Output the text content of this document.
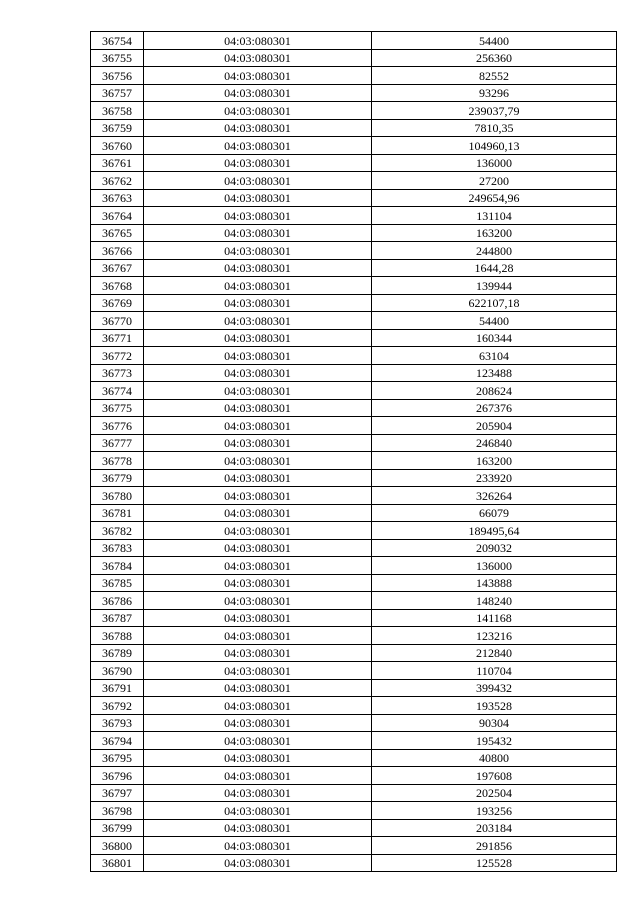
36754	04:03:080301	54400
36755	04:03:080301	256360
36756	04:03:080301	82552
36757	04:03:080301	93296
36758	04:03:080301	239037,79
36759	04:03:080301	7810,35
36760	04:03:080301	104960,13
36761	04:03:080301	136000
36762	04:03:080301	27200
36763	04:03:080301	249654,96
36764	04:03:080301	131104
36765	04:03:080301	163200
36766	04:03:080301	244800
36767	04:03:080301	1644,28
36768	04:03:080301	139944
36769	04:03:080301	622107,18
36770	04:03:080301	54400
36771	04:03:080301	160344
36772	04:03:080301	63104
36773	04:03:080301	123488
36774	04:03:080301	208624
36775	04:03:080301	267376
36776	04:03:080301	205904
36777	04:03:080301	246840
36778	04:03:080301	163200
36779	04:03:080301	233920
36780	04:03:080301	326264
36781	04:03:080301	66079
36782	04:03:080301	189495,64
36783	04:03:080301	209032
36784	04:03:080301	136000
36785	04:03:080301	143888
36786	04:03:080301	148240
36787	04:03:080301	141168
36788	04:03:080301	123216
36789	04:03:080301	212840
36790	04:03:080301	110704
36791	04:03:080301	399432
36792	04:03:080301	193528
36793	04:03:080301	90304
36794	04:03:080301	195432
36795	04:03:080301	40800
36796	04:03:080301	197608
36797	04:03:080301	202504
36798	04:03:080301	193256
36799	04:03:080301	203184
36800	04:03:080301	291856
36801	04:03:080301	125528
